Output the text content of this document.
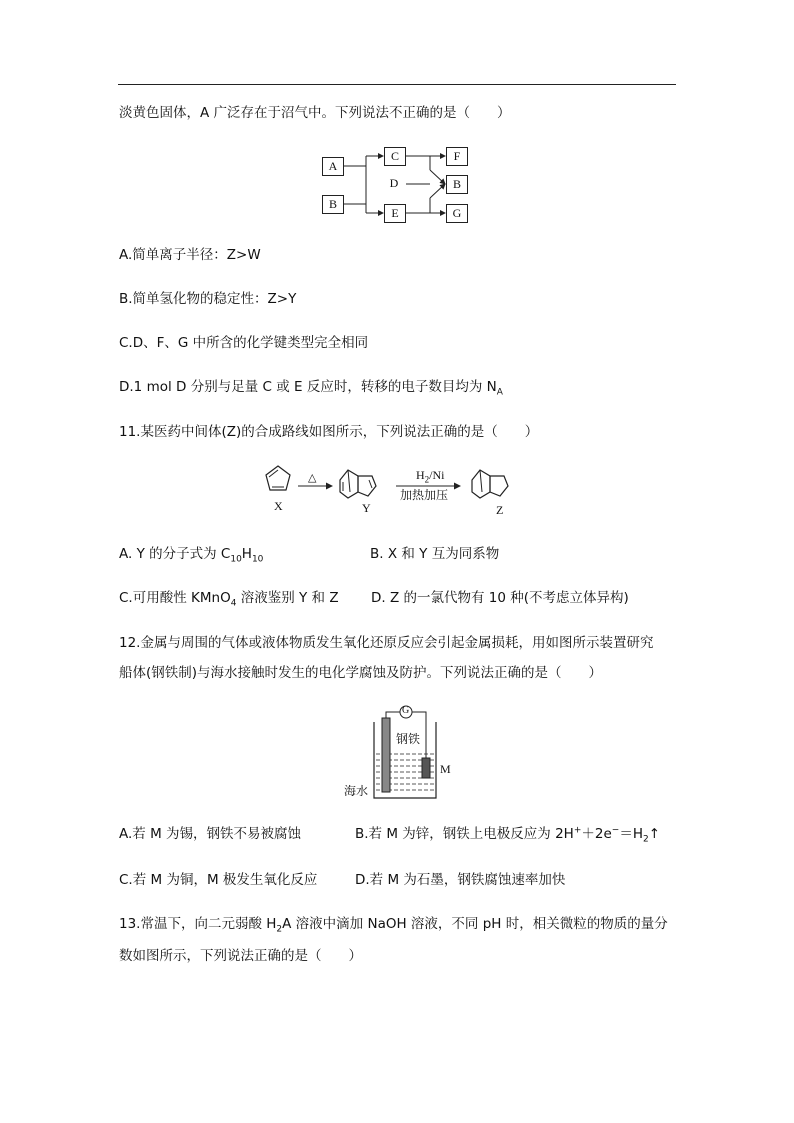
淡黄色固体，A 广泛存在于沼气中。下列说法不正确的是（　　）
A
B
C
D
E
F
B
G
A.简单离子半径：Z>W
B.简单氢化物的稳定性：Z>Y
C.D、F、G 中所含的化学键类型完全相同
D.1 mol D 分别与足量 C 或 E 反应时，转移的电子数目均为 $N_A$
11.某医药中间体(Z)的合成路线如图所示，下列说法正确的是（　　）
X	Y	Z
△	$H_2/Ni$
加热加压
A. Y 的分子式为 $C_{10}H_{10}$	B. X 和 Y 互为同系物
C.可用酸性 KMnO$_4$ 溶液鉴别 Y 和 Z D. Z 的一氯代物有 10 种(不考虑立体异构)
12.金属与周围的气体或液体物质发生氧化还原反应会引起金属损耗，用如图所示装置研究
船体(钢铁制)与海水接触时发生的电化学腐蚀及防护。下列说法正确的是（　　）
G
钢铁
M
海水
A.若 M 为锡，钢铁不易被腐蚀	B.若 M 为锌，钢铁上电极反应为 $2H^++2e^-=H_2↑$
C.若 M 为铜，M 极发生氧化反应	D.若 M 为石墨，钢铁腐蚀速率加快
13.常温下，向二元弱酸 $H_2A$ 溶液中滴加 NaOH 溶液，不同 pH 时，相关微粒的物质的量分
数如图所示，下列说法正确的是（　　）
